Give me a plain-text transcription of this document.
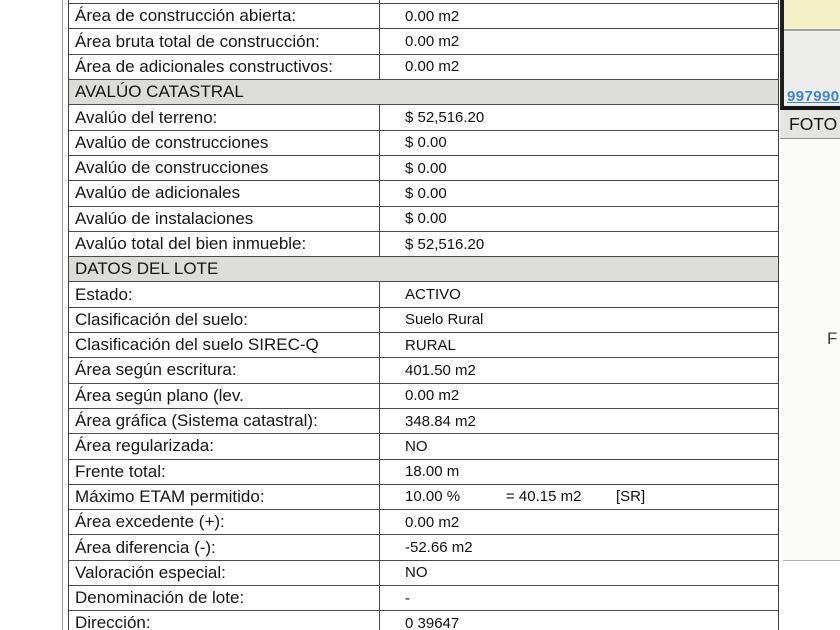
Área de construcción abierta:	0.00 m2
Área bruta total de construcción:	0.00 m2
Área de adicionales constructivos:	0.00 m2
AVALÚO CATASTRAL
Avalúo del terreno:	$ 52,516.20
Avalúo de construcciones	$ 0.00
Avalúo de construcciones	$ 0.00
Avalúo de adicionales	$ 0.00
Avalúo de instalaciones	$ 0.00
Avalúo total del bien inmueble:	$ 52,516.20
DATOS DEL LOTE
Estado:	ACTIVO
Clasificación del suelo:	Suelo Rural
Clasificación del suelo SIREC-Q	RURAL
Área según escritura:	401.50 m2
Área según plano (lev.	0.00 m2
Área gráfica (Sistema catastral):	348.84 m2
Área regularizada:	NO
Frente total:	18.00 m
Máximo ETAM permitido:	10.00 %	= 40.15 m2	[SR]
Área excedente (+):	0.00 m2
Área diferencia (-):	-52.66 m2
Valoración especial:	NO
Denominación de lote:	-
Dirección:	0 39647
997990
FOTO
F
